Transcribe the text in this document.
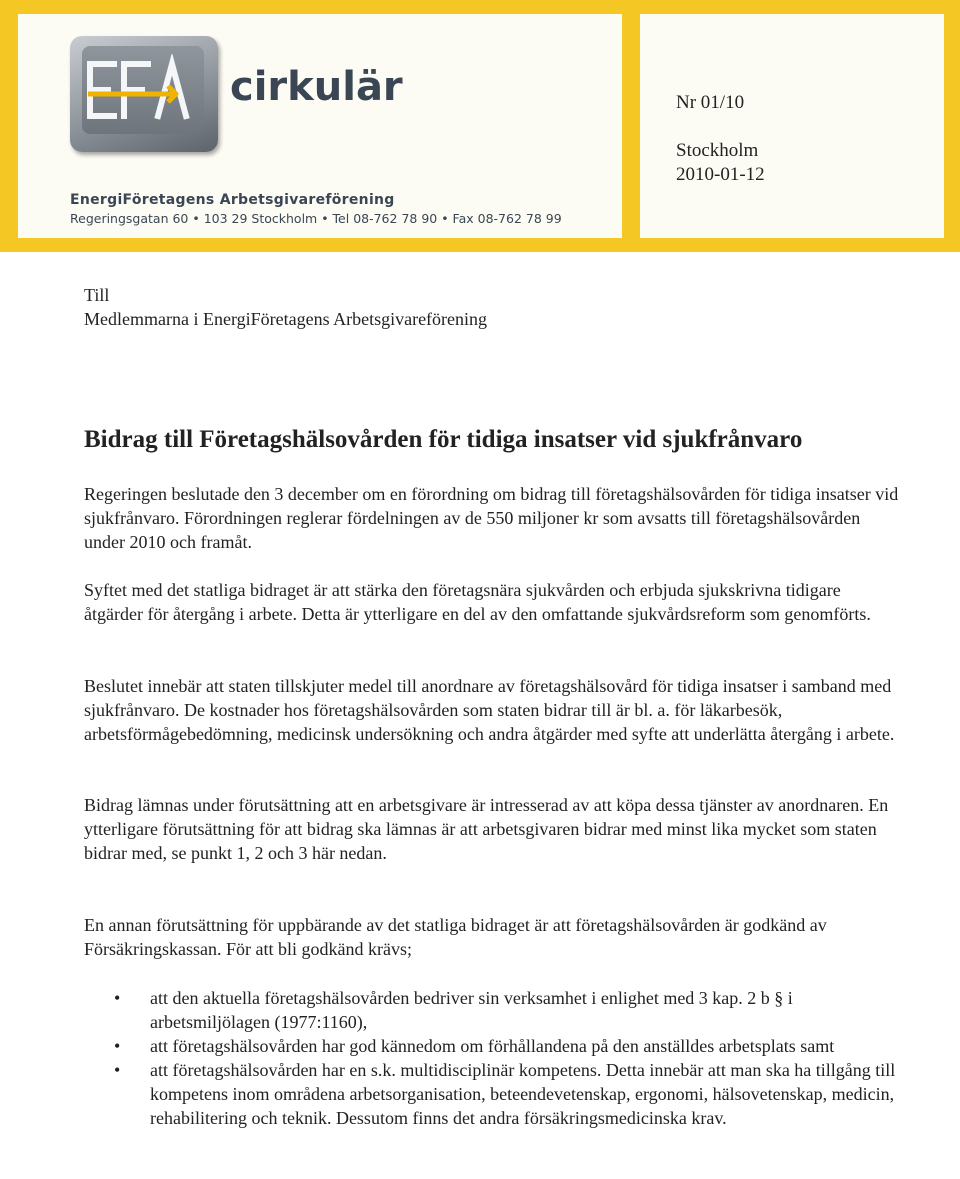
cirkulär
EnergiFöretagens Arbetsgivareförening
Regeringsgatan 60 • 103 29 Stockholm • Tel 08-762 78 90 • Fax 08-762 78 99
Nr 01/10
Stockholm
2010-01-12
Till
Medlemmarna i EnergiFöretagens Arbetsgivareförening
Bidrag till Företagshälsovården för tidiga insatser vid sjukfrånvaro

Regeringen beslutade den 3 december om en förordning om bidrag till företagshälsovården för tidiga insatser vid sjukfrånvaro. Förordningen reglerar fördelningen av de 550 miljoner kr som avsatts till företagshälsovården under 2010 och framåt.

Syftet med det statliga bidraget är att stärka den företagsnära sjukvården och erbjuda sjukskrivna tidigare åtgärder för återgång i arbete. Detta är ytterligare en del av den omfattande sjukvårdsreform som genomförts.

Beslutet innebär att staten tillskjuter medel till anordnare av företagshälsovård för tidiga insatser i samband med sjukfrånvaro. De kostnader hos företagshälsovården som staten bidrar till är bl. a. för läkarbesök, arbetsförmågebedömning, medicinsk undersökning och andra åtgärder med syfte att underlätta återgång i arbete.

Bidrag lämnas under förutsättning att en arbetsgivare är intresserad av att köpa dessa tjänster av anordnaren. En ytterligare förutsättning för att bidrag ska lämnas är att arbetsgivaren bidrar med minst lika mycket som staten bidrar med, se punkt 1, 2 och 3 här nedan.

En annan förutsättning för uppbärande av det statliga bidraget är att företagshälsovården är godkänd av Försäkringskassan. För att bli godkänd krävs;

• att den aktuella företagshälsovården bedriver sin verksamhet i enlighet med 3 kap. 2 b § i arbetsmiljölagen (1977:1160),
• att företagshälsovården har god kännedom om förhållandena på den anställdes arbetsplats samt
• att företagshälsovården har en s.k. multidisciplinär kompetens. Detta innebär att man ska ha tillgång till kompetens inom områdena arbetsorganisation, beteendevetenskap, ergonomi, hälsovetenskap, medicin, rehabilitering och teknik. Dessutom finns det andra försäkringsmedicinska krav.
